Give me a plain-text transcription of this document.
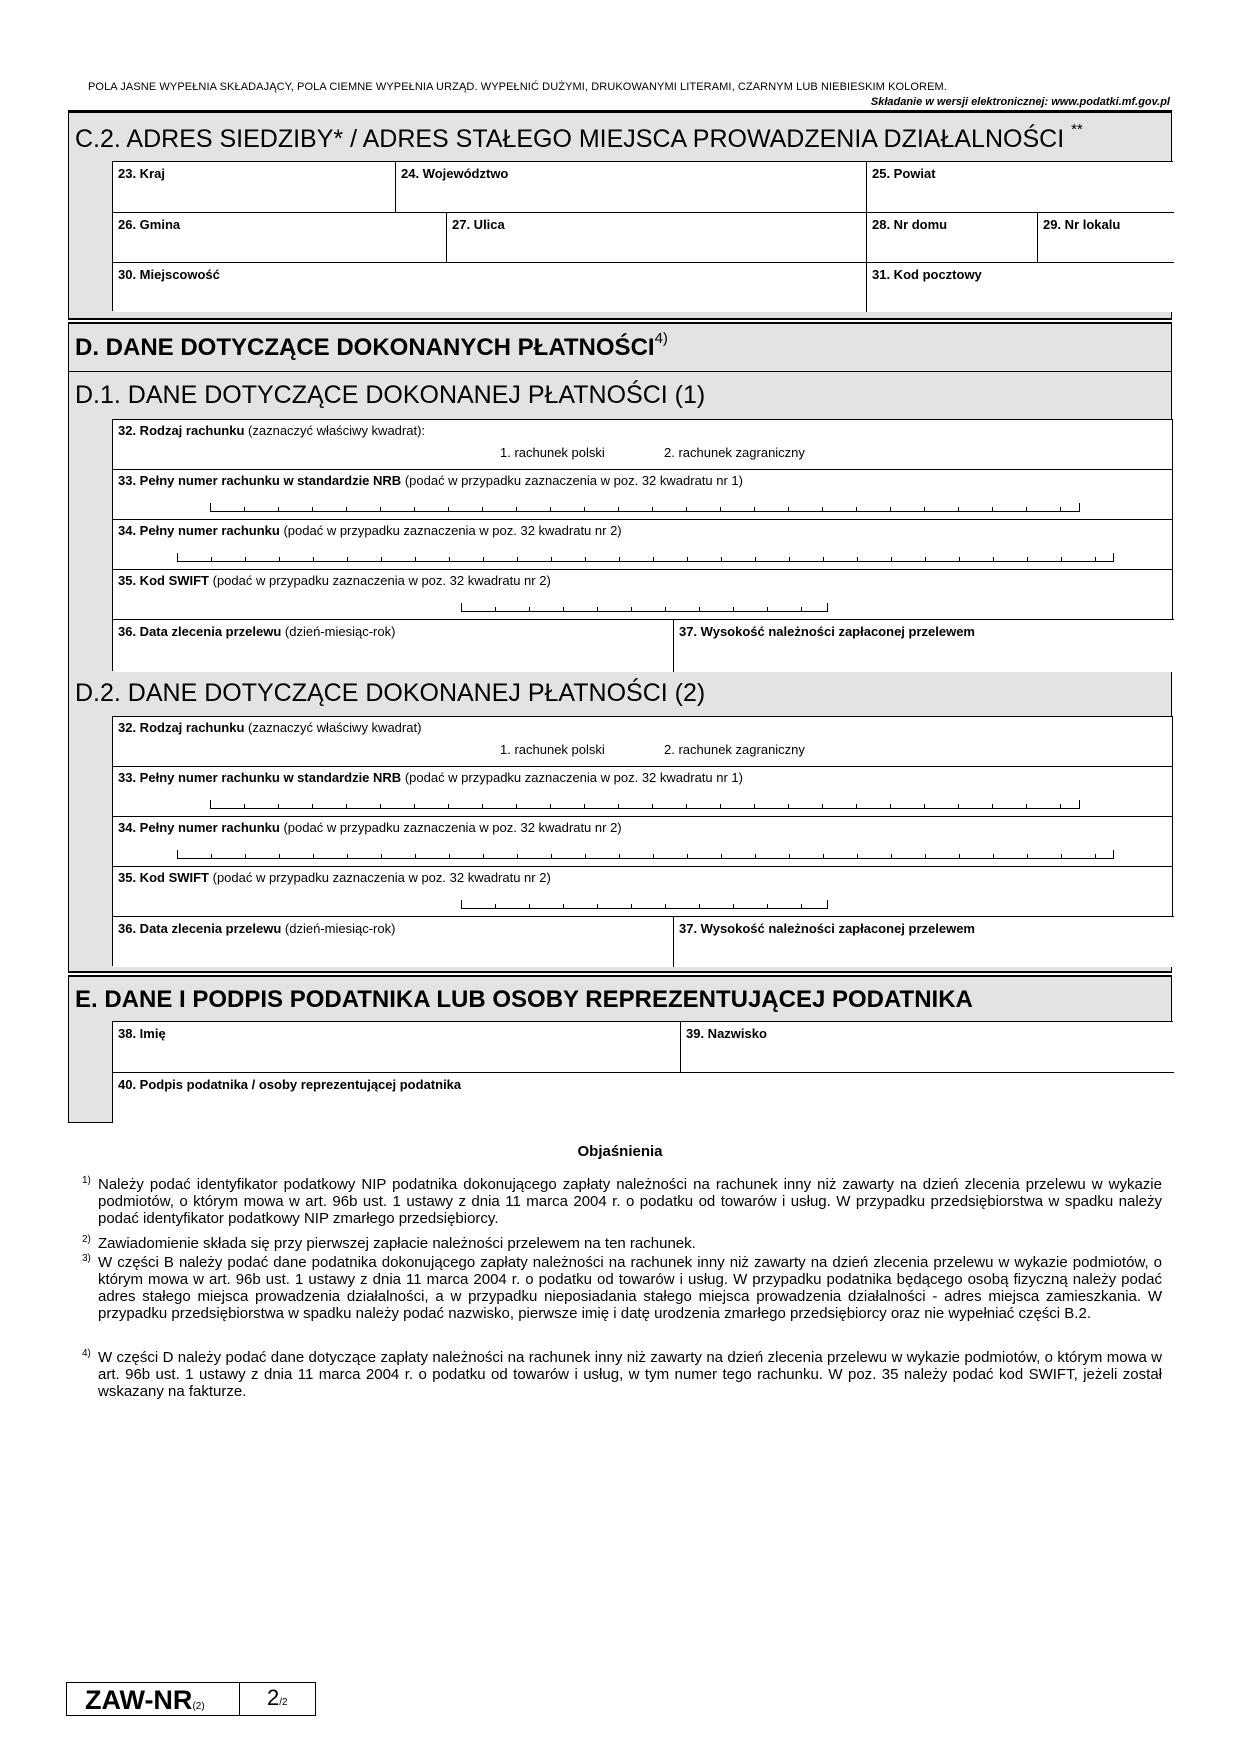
POLA JASNE WYPEŁNIA SKŁADAJĄCY, POLA CIEMNE WYPEŁNIA URZĄD. WYPEŁNIĆ DUŻYMI, DRUKOWANYMI LITERAMI, CZARNYM LUB NIEBIESKIM KOLOREM.
Składanie w wersji elektronicznej: www.podatki.mf.gov.pl
C.2. ADRES SIEDZIBY* / ADRES STAŁEGO MIEJSCA PROWADZENIA DZIAŁALNOŚCI **
23. Kraj	24. Województwo	25. Powiat
26. Gmina	27. Ulica	28. Nr domu	29. Nr lokalu
30. Miejscowość	31. Kod pocztowy
D. DANE DOTYCZĄCE DOKONANYCH PŁATNOŚCI$^{4)}$
D.1. DANE DOTYCZĄCE DOKONANEJ PŁATNOŚCI (1)
32. Rodzaj rachunku (zaznaczyć właściwy kwadrat):
1. rachunek polski	2. rachunek zagraniczny
33. Pełny numer rachunku w standardzie NRB (podać w przypadku zaznaczenia w poz. 32 kwadratu nr 1)
34. Pełny numer rachunku (podać w przypadku zaznaczenia w poz. 32 kwadratu nr 2)
35. Kod SWIFT (podać w przypadku zaznaczenia w poz. 32 kwadratu nr 2)
36. Data zlecenia przelewu (dzień-miesiąc-rok)	37. Wysokość należności zapłaconej przelewem
D.2. DANE DOTYCZĄCE DOKONANEJ PŁATNOŚCI (2)
32. Rodzaj rachunku (zaznaczyć właściwy kwadrat)
1. rachunek polski	2. rachunek zagraniczny
33. Pełny numer rachunku w standardzie NRB (podać w przypadku zaznaczenia w poz. 32 kwadratu nr 1)
34. Pełny numer rachunku (podać w przypadku zaznaczenia w poz. 32 kwadratu nr 2)
35. Kod SWIFT (podać w przypadku zaznaczenia w poz. 32 kwadratu nr 2)
36. Data zlecenia przelewu (dzień-miesiąc-rok)	37. Wysokość należności zapłaconej przelewem
E. DANE I PODPIS PODATNIKA LUB OSOBY REPREZENTUJĄCEJ PODATNIKA
38. Imię	39. Nazwisko
40. Podpis podatnika / osoby reprezentującej podatnika
Objaśnienia
1) Należy podać identyfikator podatkowy NIP podatnika dokonującego zapłaty należności na rachunek inny niż zawarty na dzień zlecenia przelewu w wykazie podmiotów, o którym mowa w art. 96b ust. 1 ustawy z dnia 11 marca 2004 r. o podatku od towarów i usług. W przypadku przedsiębiorstwa w spadku należy podać identyfikator podatkowy NIP zmarłego przedsiębiorcy.
2) Zawiadomienie składa się przy pierwszej zapłacie należności przelewem na ten rachunek.
3) W części B należy podać dane podatnika dokonującego zapłaty należności na rachunek inny niż zawarty na dzień zlecenia przelewu w wykazie podmiotów, o którym mowa w art. 96b ust. 1 ustawy z dnia 11 marca 2004 r. o podatku od towarów i usług. W przypadku podatnika będącego osobą fizyczną należy podać adres stałego miejsca prowadzenia działalności, a w przypadku nieposiadania stałego miejsca prowadzenia działalności - adres miejsca zamieszkania. W przypadku przedsiębiorstwa w spadku należy podać nazwisko, pierwsze imię i datę urodzenia zmarłego przedsiębiorcy oraz nie wypełniać części B.2.
4) W części D należy podać dane dotyczące zapłaty należności na rachunek inny niż zawarty na dzień zlecenia przelewu w wykazie podmiotów, o którym mowa w art. 96b ust. 1 ustawy z dnia 11 marca 2004 r. o podatku od towarów i usług, w tym numer tego rachunku. W poz. 35 należy podać kod SWIFT, jeżeli został wskazany na fakturze.
ZAW-NR(2)	2/2
